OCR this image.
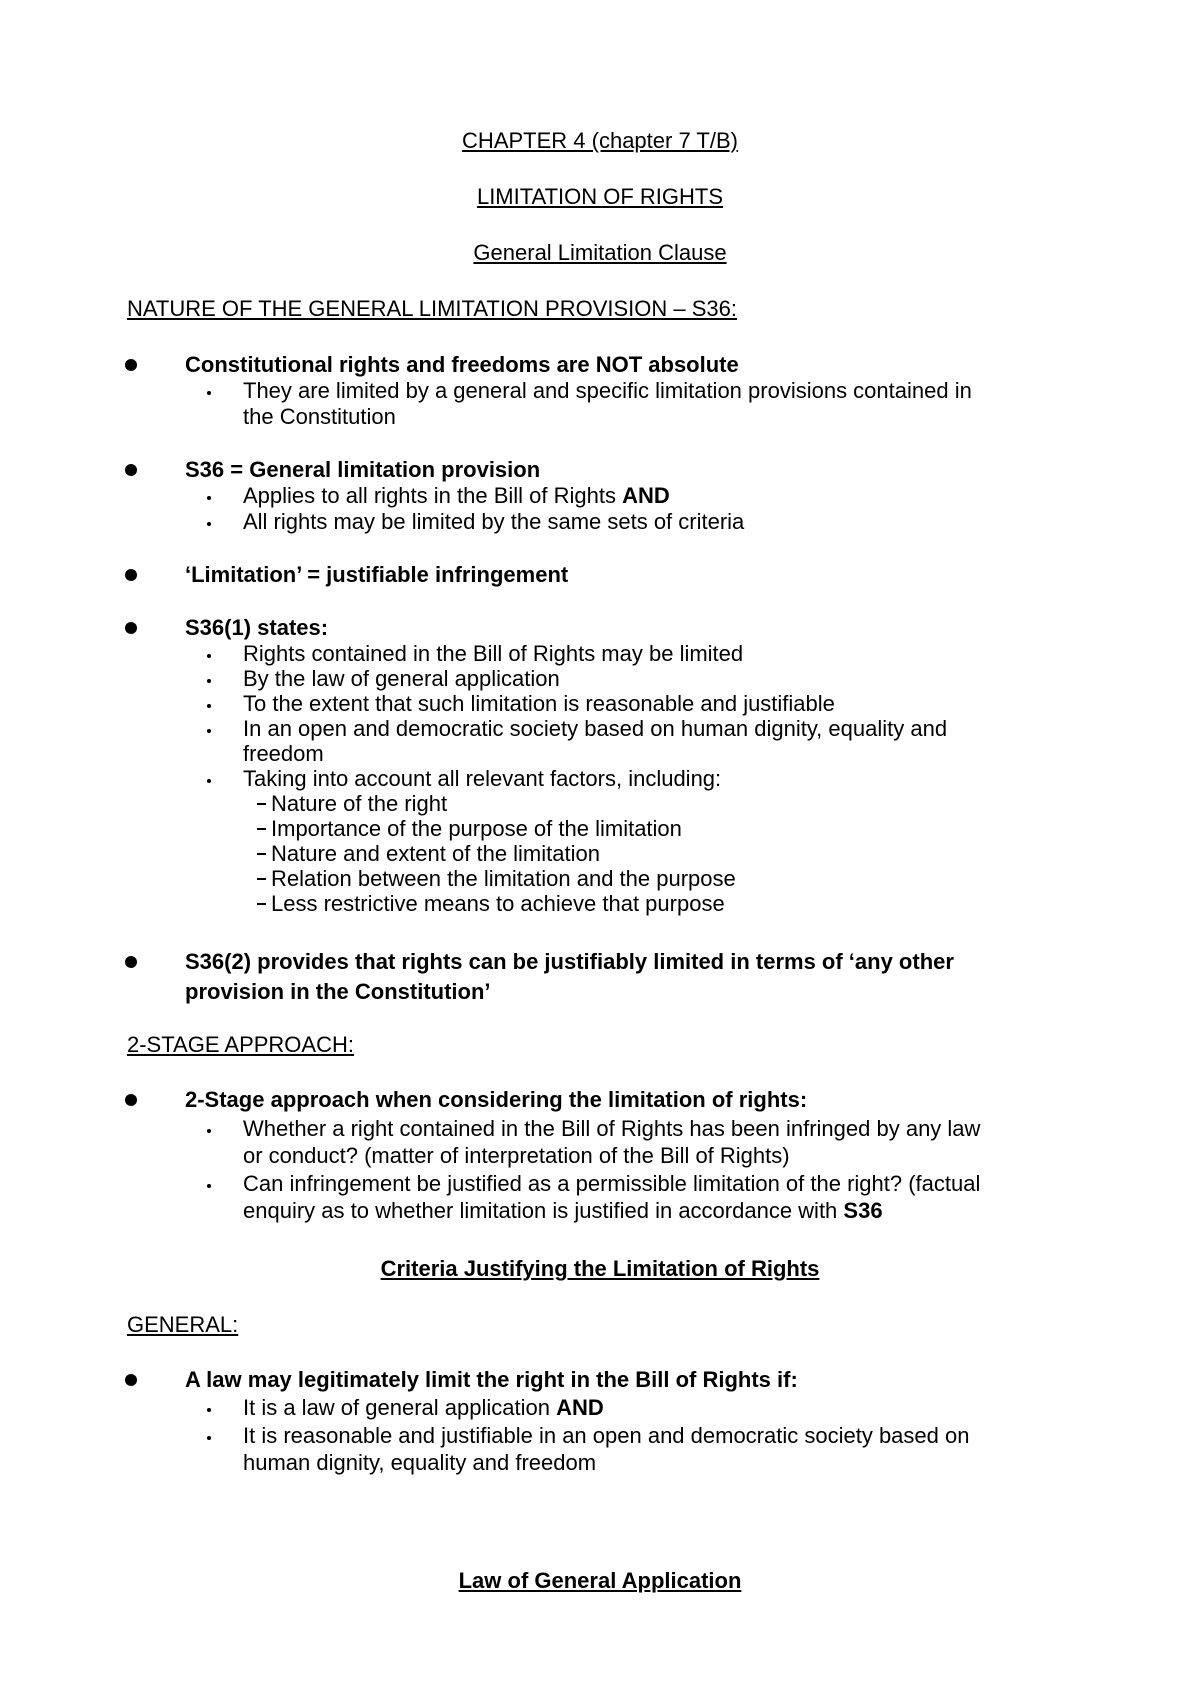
CHAPTER 4 (chapter 7 T/B)
LIMITATION OF RIGHTS
General Limitation Clause
NATURE OF THE GENERAL LIMITATION PROVISION – S36:
Constitutional rights and freedoms are NOT absolute
They are limited by a general and specific limitation provisions contained in
the Constitution
S36 = General limitation provision
Applies to all rights in the Bill of Rights AND
All rights may be limited by the same sets of criteria
‘Limitation’ = justifiable infringement
S36(1) states:
Rights contained in the Bill of Rights may be limited
By the law of general application
To the extent that such limitation is reasonable and justifiable
In an open and democratic society based on human dignity, equality and
freedom
Taking into account all relevant factors, including:
Nature of the right
Importance of the purpose of the limitation
Nature and extent of the limitation
Relation between the limitation and the purpose
Less restrictive means to achieve that purpose
S36(2) provides that rights can be justifiably limited in terms of ‘any other
provision in the Constitution’
2-STAGE APPROACH:
2-Stage approach when considering the limitation of rights:
Whether a right contained in the Bill of Rights has been infringed by any law
or conduct? (matter of interpretation of the Bill of Rights)
Can infringement be justified as a permissible limitation of the right? (factual
enquiry as to whether limitation is justified in accordance with S36
Criteria Justifying the Limitation of Rights
GENERAL:
A law may legitimately limit the right in the Bill of Rights if:
It is a law of general application AND
It is reasonable and justifiable in an open and democratic society based on
human dignity, equality and freedom
Law of General Application
